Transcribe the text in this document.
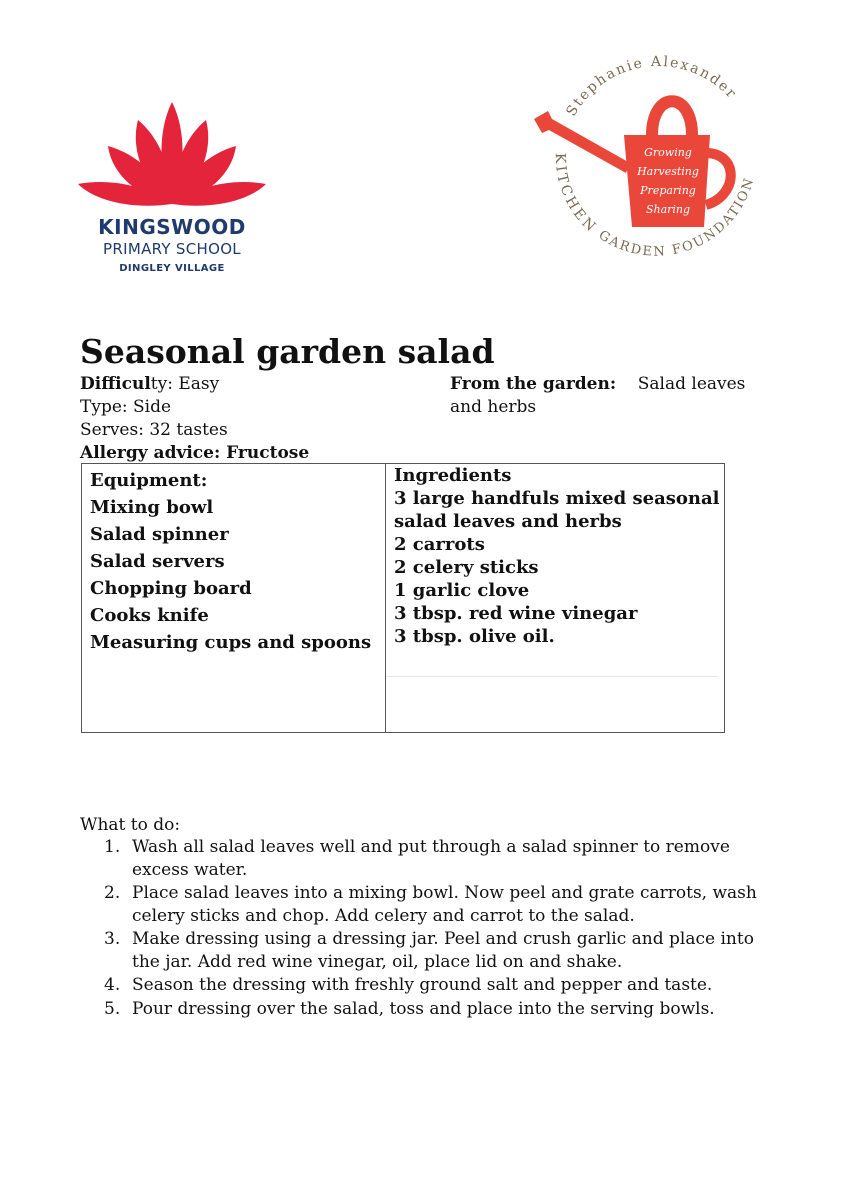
KINGSWOOD
PRIMARY SCHOOL
DINGLEY VILLAGE
Growing
Harvesting
Preparing
Sharing
Stephanie Alexander
KITCHEN
GARDEN FOUNDATION
Seasonal garden salad
Difficulty: Easy
Type: Side
Serves: 32 tastes
Allergy advice: Fructose
From the garden: Salad leaves and herbs
Equipment:
Mixing bowl
Salad spinner
Salad servers
Chopping board
Cooks knife
Measuring cups and spoons
Ingredients
3 large handfuls mixed seasonal salad leaves and herbs
2 carrots
2 celery sticks
1 garlic clove
3 tbsp. red wine vinegar
3 tbsp. olive oil.
What to do:
1. Wash all salad leaves well and put through a salad spinner to remove excess water.
2. Place salad leaves into a mixing bowl. Now peel and grate carrots, wash celery sticks and chop. Add celery and carrot to the salad.
3. Make dressing using a dressing jar. Peel and crush garlic and place into the jar. Add red wine vinegar, oil, place lid on and shake.
4. Season the dressing with freshly ground salt and pepper and taste.
5. Pour dressing over the salad, toss and place into the serving bowls.
